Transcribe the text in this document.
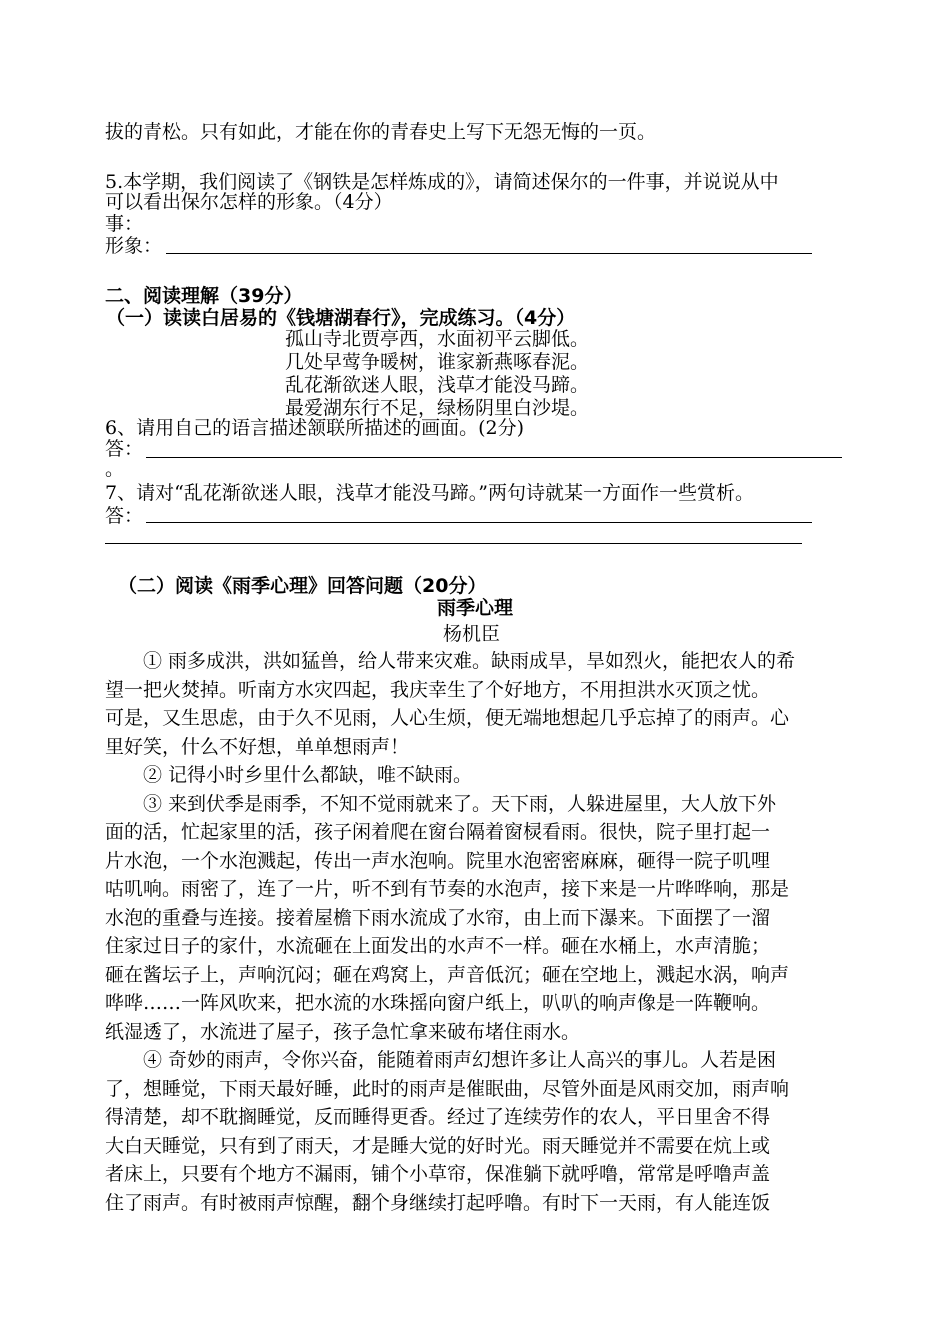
拔的青松。只有如此，才能在你的青春史上写下无怨无悔的一页。
5.本学期，我们阅读了《钢铁是怎样炼成的》，请简述保尔的一件事，并说说从中
可以看出保尔怎样的形象。（4分）
事：
形象：
二、阅读理解（39分）
（一）读读白居易的《钱塘湖春行》，完成练习。（4分）
孤山寺北贾亭西，水面初平云脚低。
几处早莺争暖树，谁家新燕啄春泥。
乱花渐欲迷人眼，浅草才能没马蹄。
最爱湖东行不足，绿杨阴里白沙堤。
6、请用自己的语言描述颔联所描述的画面。(2分)
答：
。
7、请对“乱花渐欲迷人眼，浅草才能没马蹄。”两句诗就某一方面作一些赏析。
答：
（二）阅读《雨季心理》回答问题（20分）
雨季心理
杨机臣
① 雨多成洪，洪如猛兽，给人带来灾难。缺雨成旱，旱如烈火，能把农人的希
望一把火焚掉。听南方水灾四起，我庆幸生了个好地方，不用担洪水灭顶之忧。
可是，又生思虑，由于久不见雨，人心生烦，便无端地想起几乎忘掉了的雨声。心
里好笑，什么不好想，单单想雨声！
② 记得小时乡里什么都缺，唯不缺雨。
③ 来到伏季是雨季，不知不觉雨就来了。天下雨，人躲进屋里，大人放下外
面的活，忙起家里的活，孩子闲着爬在窗台隔着窗棂看雨。很快，院子里打起一
片水泡，一个水泡溅起，传出一声水泡响。院里水泡密密麻麻，砸得一院子叽哩
咕叽响。雨密了，连了一片，听不到有节奏的水泡声，接下来是一片哗哗响，那是
水泡的重叠与连接。接着屋檐下雨水流成了水帘，由上而下瀑来。下面摆了一溜
住家过日子的家什，水流砸在上面发出的水声不一样。砸在水桶上，水声清脆；
砸在酱坛子上，声响沉闷；砸在鸡窝上，声音低沉；砸在空地上，溅起水涡，响声
哗哗……一阵风吹来，把水流的水珠摇向窗户纸上，叭叭的响声像是一阵鞭响。
纸湿透了，水流进了屋子，孩子急忙拿来破布堵住雨水。
④ 奇妙的雨声，令你兴奋，能随着雨声幻想许多让人高兴的事儿。人若是困
了，想睡觉，下雨天最好睡，此时的雨声是催眠曲，尽管外面是风雨交加，雨声响
得清楚，却不耽搁睡觉，反而睡得更香。经过了连续劳作的农人，平日里舍不得
大白天睡觉，只有到了雨天，才是睡大觉的好时光。雨天睡觉并不需要在炕上或
者床上，只要有个地方不漏雨，铺个小草帘，保准躺下就呼噜，常常是呼噜声盖
住了雨声。有时被雨声惊醒，翻个身继续打起呼噜。有时下一天雨，有人能连饭
